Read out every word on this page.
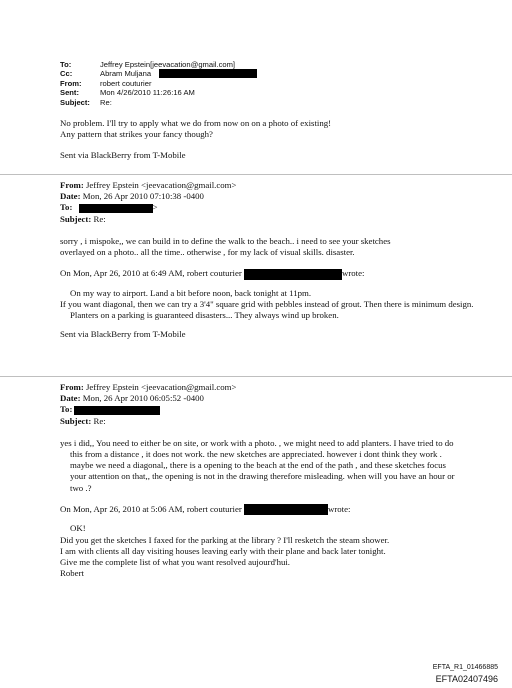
To:	Jeffrey Epstein[jeevacation@gmail.com]
Cc:	Abram Muljana
From:	robert couturier
Sent:	Mon 4/26/2010 11:26:16 AM
Subject:	Re:

No problem. I'll try to apply what we do from now on on a photo of existing!

Any pattern that strikes your fancy though?

Sent via BlackBerry from T-Mobile

From: Jeffrey Epstein <jeevacation@gmail.com>

Date: Mon, 26 Apr 2010 07:10:38 -0400

To:	>

Subject: Re:

sorry , i mispoke,, we can build in to define the walk to the beach.. i need to see your sketches

overlayed on a photo.. all the time.. otherwise , for my lack of visual skills. disaster.

On Mon, Apr 26, 2010 at 6:49 AM, robert couturier	wrote:

On my way to airport. Land a bit before noon, back tonight at 11pm.

If you want diagonal, then we can try a 3'4" square grid with pebbles instead of grout. Then there is minimum design. Planters on a parking is guaranteed disasters... They always wind up broken.

Sent via BlackBerry from T-Mobile

From: Jeffrey Epstein <jeevacation@gmail.com>

Date: Mon, 26 Apr 2010 06:05:52 -0400

To:

Subject: Re:

yes i did,, You need to either be on site, or work with a photo. , we might need to add planters. I have tried to do this from a distance , it does not work. the new sketches are appreciated. however i dont think they work . maybe we need a diagonal,, there is a opening to the beach at the end of the path , and these sketches focus your attention on that,, the opening is not in the drawing therefore misleading. when will you have an hour or two .?

On Mon, Apr 26, 2010 at 5:06 AM, robert couturier	wrote:

OK!

Did you get the sketches I faxed for the parking at the library ? I'll resketch the steam shower.

I am with clients all day visiting houses leaving early with their plane and back later tonight.

Give me the complete list of what you want resolved aujourd'hui.

Robert

EFTA_R1_01466885
EFTA02407496
